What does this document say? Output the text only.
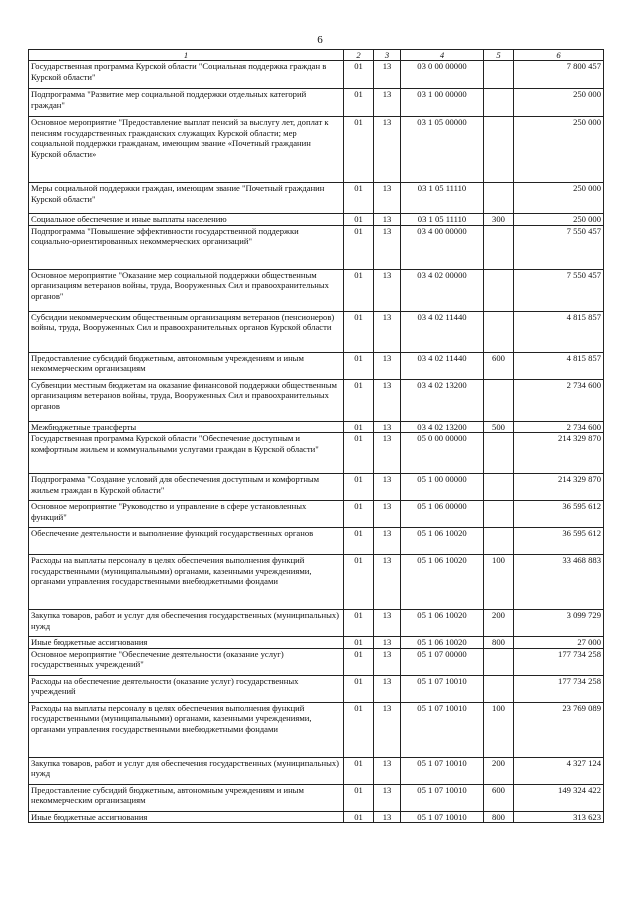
6
1	2	3	4	5	6
Государственная программа Курской области "Социальная поддержка граждан в Курской области"	01	13	03 0 00 00000		7 800 457
Подпрограмма "Развитие мер социальной поддержки отдельных категорий граждан"	01	13	03 1 00 00000		250 000
Основное мероприятие "Предоставление выплат пенсий за выслугу лет, доплат к пенсиям государственных гражданских служащих Курской области; мер социальной поддержки гражданам, имеющим звание «Почетный гражданин Курской области»	01	13	03 1 05 00000		250 000
Меры социальной поддержки граждан, имеющим звание "Почетный гражданин Курской области"	01	13	03 1 05 11110		250 000
Социальное обеспечение и иные выплаты населению	01	13	03 1 05 11110	300	250 000
Подпрограмма "Повышение эффективности государственной поддержки социально-ориентированных некоммерческих организаций"	01	13	03 4 00 00000		7 550 457
Основное мероприятие "Оказание мер социальной поддержки общественным организациям ветеранов войны, труда, Вооруженных Сил и правоохранительных органов"	01	13	03 4 02 00000		7 550 457
Субсидии некоммерческим общественным организациям ветеранов (пенсионеров) войны, труда, Вооруженных Сил и правоохранительных органов Курской области	01	13	03 4 02 11440		4 815 857
Предоставление субсидий бюджетным, автономным учреждениям и иным некоммерческим организациям	01	13	03 4 02 11440	600	4 815 857
Субвенции местным бюджетам на оказание финансовой поддержки общественным организациям ветеранов войны, труда, Вооруженных Сил и правоохранительных органов	01	13	03 4 02 13200		2 734 600
Межбюджетные трансферты	01	13	03 4 02 13200	500	2 734 600
Государственная программа Курской области "Обеспечение доступным и комфортным жильем и коммунальными услугами граждан в Курской области"	01	13	05 0 00 00000		214 329 870
Подпрограмма "Создание условий для обеспечения доступным и комфортным жильем граждан в Курской области"	01	13	05 1 00 00000		214 329 870
Основное мероприятие "Руководство и управление в сфере установленных функций"	01	13	05 1 06 00000		36 595 612
Обеспечение деятельности и выполнение функций государственных органов	01	13	05 1 06 10020		36 595 612
Расходы на выплаты персоналу в целях обеспечения выполнения функций государственными (муниципальными) органами, казенными учреждениями, органами управления государственными внебюджетными фондами	01	13	05 1 06 10020	100	33 468 883
Закупка товаров, работ и услуг для обеспечения государственных (муниципальных) нужд	01	13	05 1 06 10020	200	3 099 729
Иные бюджетные ассигнования	01	13	05 1 06 10020	800	27 000
Основное мероприятие "Обеспечение деятельности (оказание услуг) государственных учреждений"	01	13	05 1 07 00000		177 734 258
Расходы на обеспечение деятельности (оказание услуг) государственных учреждений	01	13	05 1 07 10010		177 734 258
Расходы на выплаты персоналу в целях обеспечения выполнения функций государственными (муниципальными) органами, казенными учреждениями, органами управления государственными внебюджетными фондами	01	13	05 1 07 10010	100	23 769 089
Закупка товаров, работ и услуг для обеспечения государственных (муниципальных) нужд	01	13	05 1 07 10010	200	4 327 124
Предоставление субсидий бюджетным, автономным учреждениям и иным некоммерческим организациям	01	13	05 1 07 10010	600	149 324 422
Иные бюджетные ассигнования	01	13	05 1 07 10010	800	313 623
